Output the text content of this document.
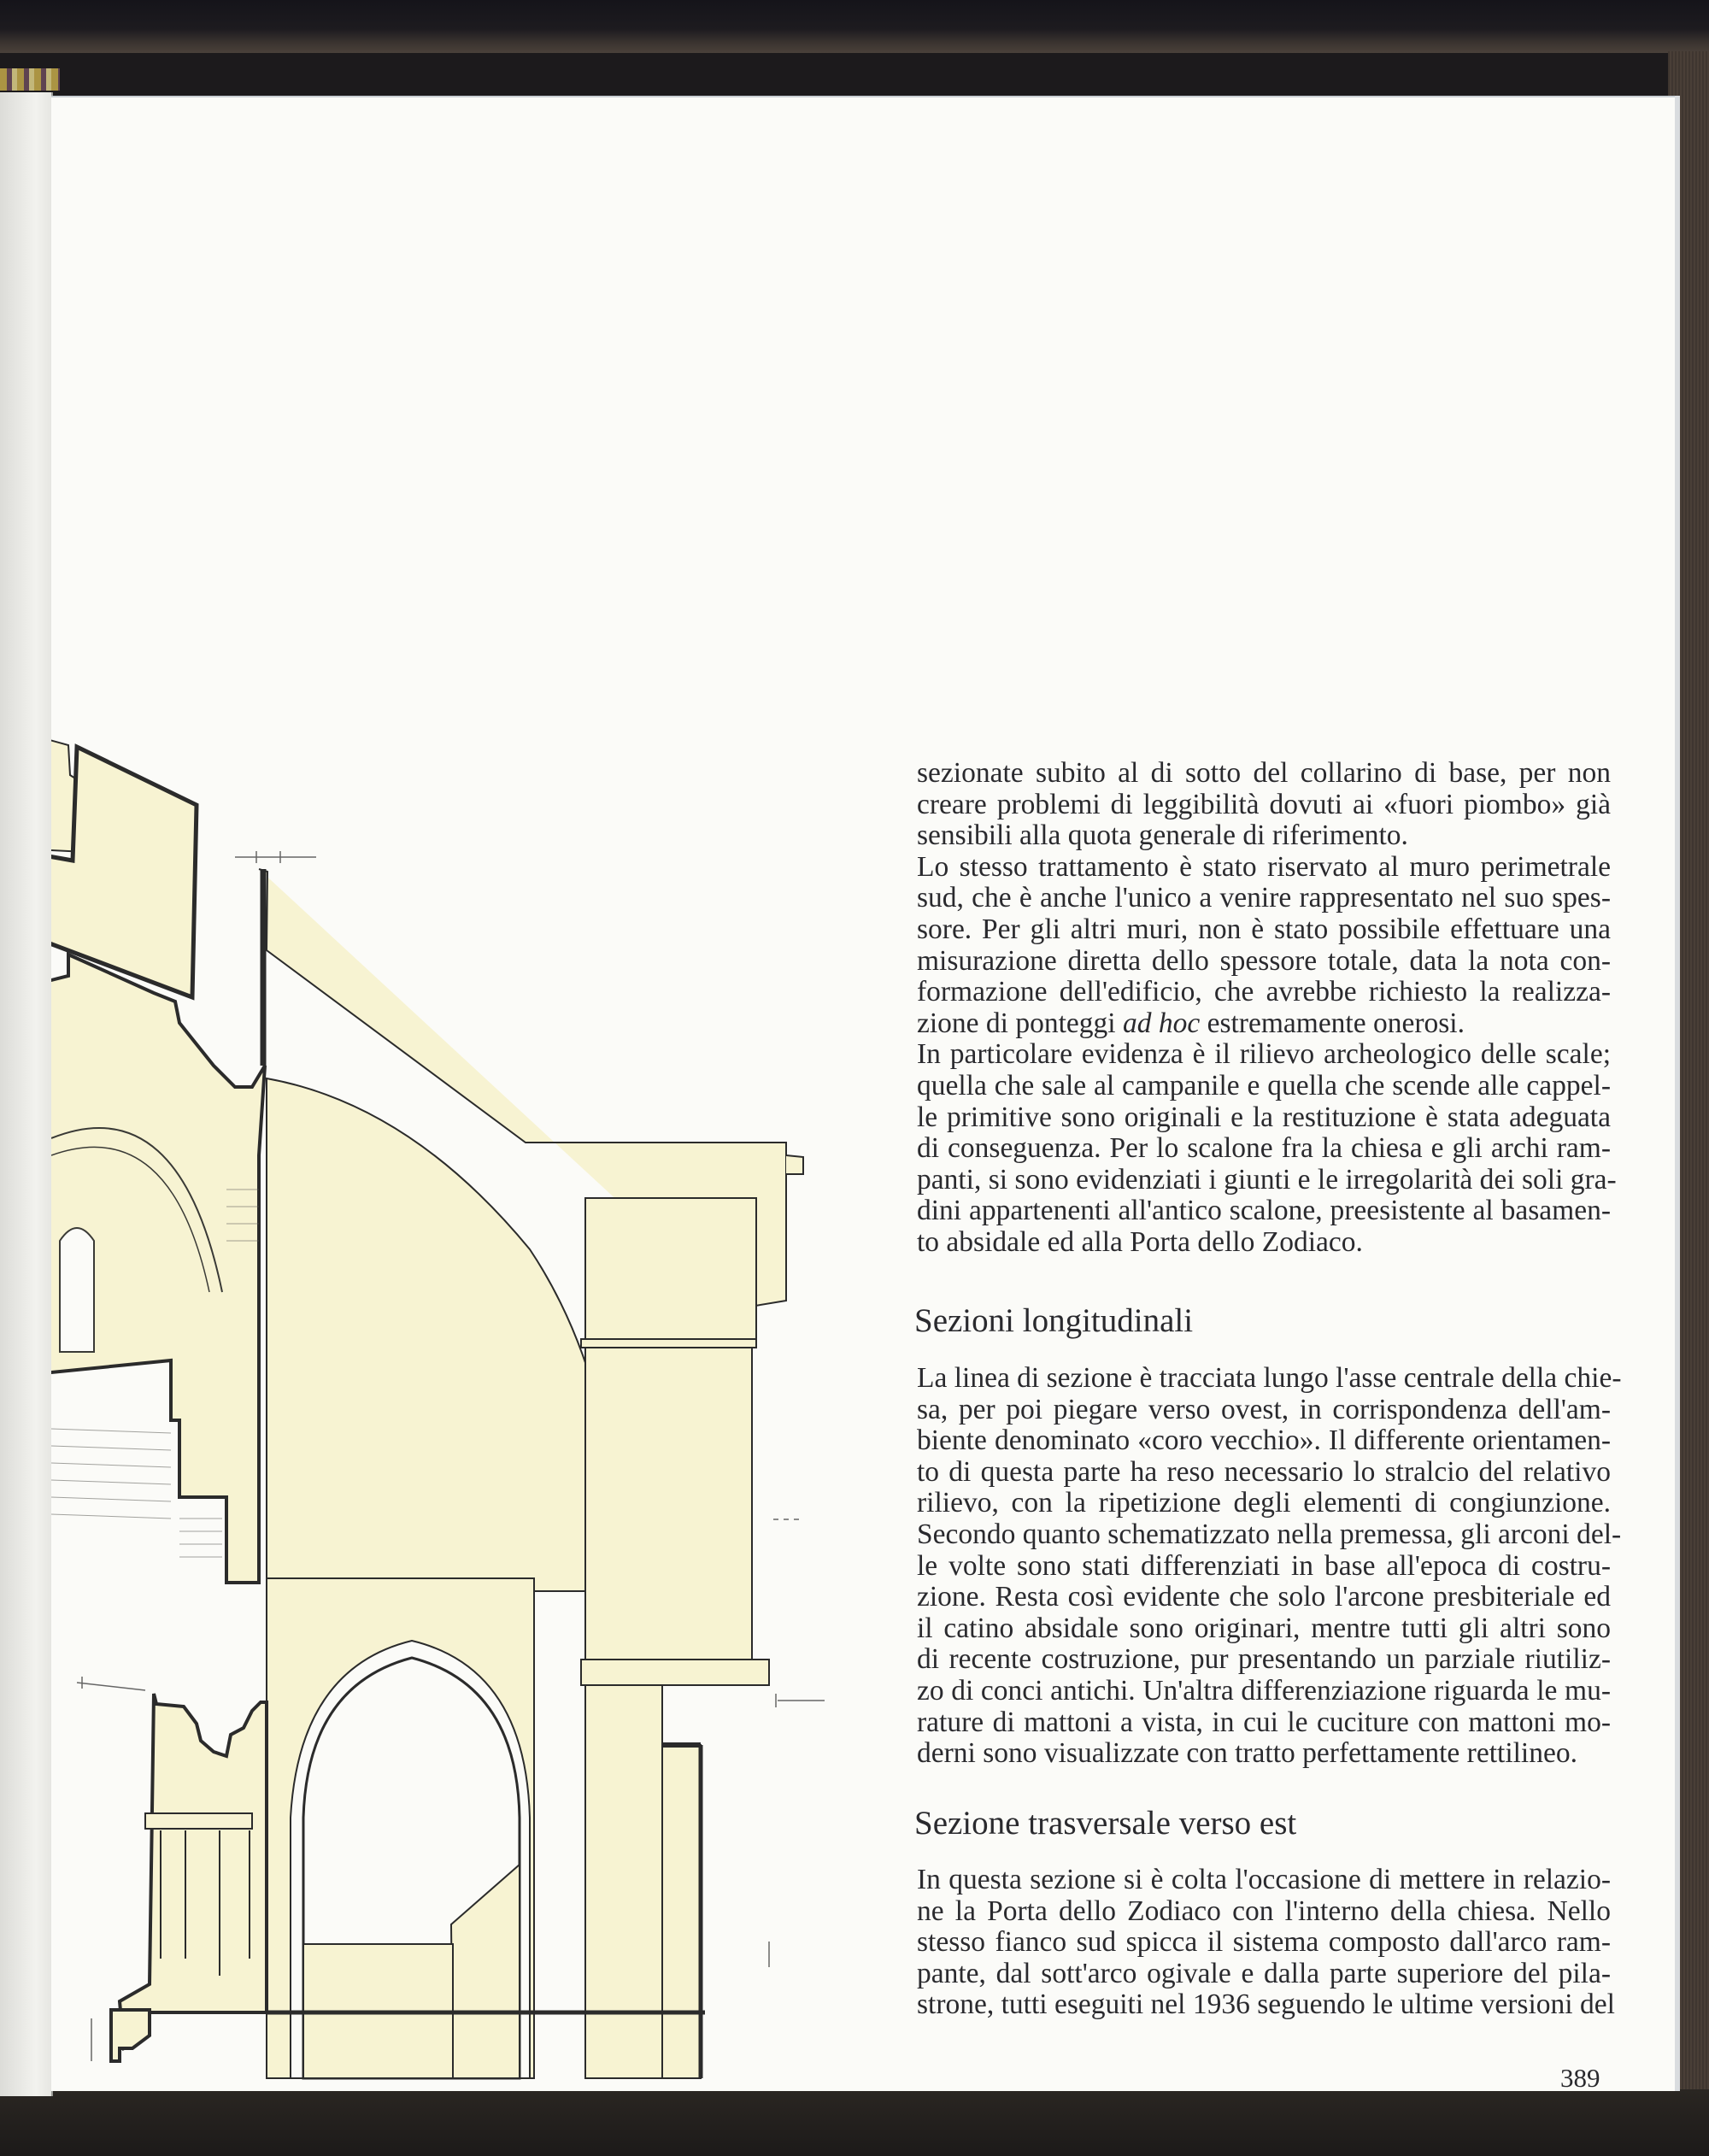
sezionate subito al di sotto del collarino di base, per non
creare problemi di leggibilità dovuti ai «fuori piombo» già
sensibili alla quota generale di riferimento.

Lo stesso trattamento è stato riservato al muro perimetrale
sud, che è anche l'unico a venire rappresentato nel suo spes-
sore. Per gli altri muri, non è stato possibile effettuare una
misurazione diretta dello spessore totale, data la nota con-
formazione dell'edificio, che avrebbe richiesto la realizza-
zione di ponteggi ad hoc estremamente onerosi.

In particolare evidenza è il rilievo archeologico delle scale;
quella che sale al campanile e quella che scende alle cappel-
le primitive sono originali e la restituzione è stata adeguata
di conseguenza. Per lo scalone fra la chiesa e gli archi ram-
panti, si sono evidenziati i giunti e le irregolarità dei soli gra-
dini appartenenti all'antico scalone, preesistente al basamen-
to absidale ed alla Porta dello Zodiaco.

Sezioni longitudinali

La linea di sezione è tracciata lungo l'asse centrale della chie-
sa, per poi piegare verso ovest, in corrispondenza dell'am-
biente denominato «coro vecchio». Il differente orientamen-
to di questa parte ha reso necessario lo stralcio del relativo
rilievo, con la ripetizione degli elementi di congiunzione.
Secondo quanto schematizzato nella premessa, gli arconi del-
le volte sono stati differenziati in base all'epoca di costru-
zione. Resta così evidente che solo l'arcone presbiteriale ed
il catino absidale sono originari, mentre tutti gli altri sono
di recente costruzione, pur presentando un parziale riutiliz-
zo di conci antichi. Un'altra differenziazione riguarda le mu-
rature di mattoni a vista, in cui le cuciture con mattoni mo-
derni sono visualizzate con tratto perfettamente rettilineo.

Sezione trasversale verso est

In questa sezione si è colta l'occasione di mettere in relazio-
ne la Porta dello Zodiaco con l'interno della chiesa. Nello
stesso fianco sud spicca il sistema composto dall'arco ram-
pante, dal sott'arco ogivale e dalla parte superiore del pila-
strone, tutti eseguiti nel 1936 seguendo le ultime versioni del

389
